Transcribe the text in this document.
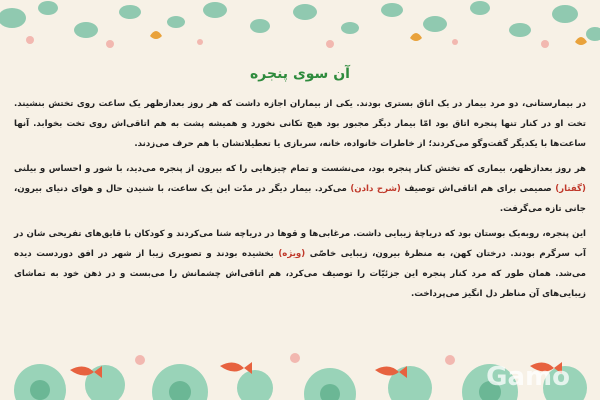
آن سوی پنجره

در بیمارستانی، دو مرد بیمار در یک اتاق بستری بودند. یکی از بیماران اجازه داشت که هر روز بعدازظهر یک ساعت روی تختش بنشیند. تخت او در کنار تنها پنجره اتاق بود امّا بیمار دیگر مجبور بود هیچ تکانی نخورد و همیشه پشت به هم اتاقی‌اش روی تخت بخوابد. آنها ساعت‌ها با یکدیگر گفت‌وگو می‌کردند؛ از خاطرات خانواده، خانه، سربازی یا تعطیلاتشان با هم حرف می‌زدند.

هر روز بعدازظهر، بیماری که تختش کنار پنجره بود، می‌نشست و تمام چیزهایی را که بیرون از پنجره می‌دید، با شور و احساس و بیلنی (گفتار) صمیمی برای هم اتاقی‌اش توصیف (شرح دادن) می‌کرد. بیمار دیگر در مدّت این یک ساعت، با شنیدن حال و هوای دنیای بیرون، جانی تازه می‌گرفت.

این پنجره، روبه‌یک بوستان بود که دریاچهٔ زیبایی داشت. مرغابی‌ها و قوها در دریاچه شنا می‌کردند و کودکان با قایق‌های تفریحی شان در آب سرگرم بودند. درختان کهن، به منظرهٔ بیرون، زیبایی خاصّی (ویژه) بخشیده بودند و تصویری زیبا از شهر در افق دوردست دیده می‌شد. همان طور که مرد کنار پنجره این جزئیّات را توصیف می‌کرد، هم اتاقی‌اش چشمانش را می‌بست و در ذهن خود به تماشای زیبایی‌های آن مناظر دل انگیز می‌پرداخت.

Gamo
